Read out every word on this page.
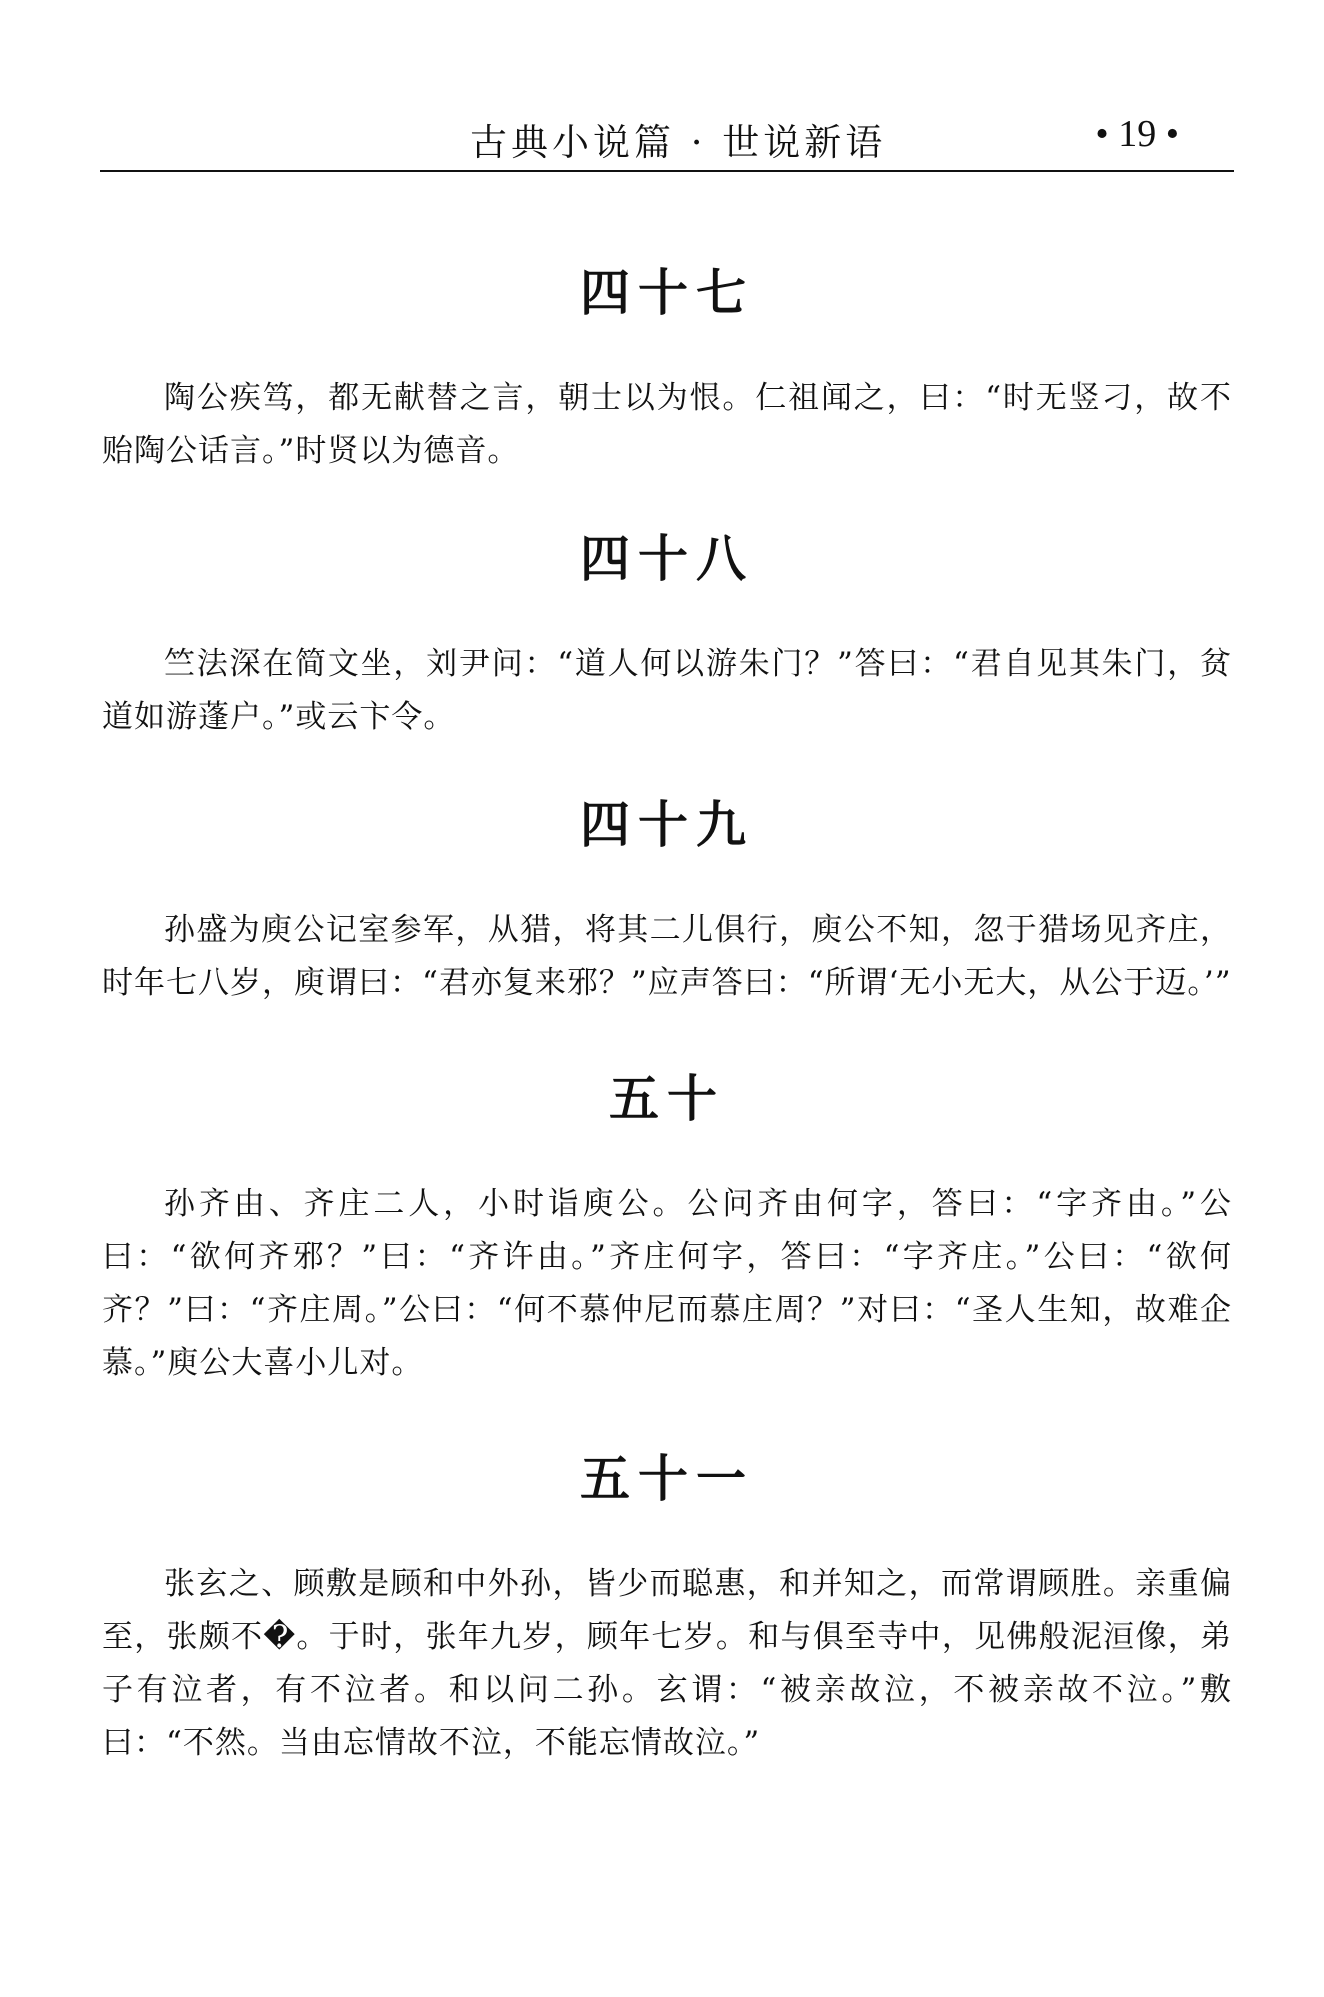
古典小说篇 · 世说新语	• 19 •
四十七

陶公疾笃，都无献替之言，朝士以为恨。仁祖闻之，曰：“时无竖刁，故不贻陶公话言。”时贤以为德音。

四十八

竺法深在简文坐，刘尹问：“道人何以游朱门？”答曰：“君自见其朱门，贫道如游蓬户。”或云卞令。

四十九

孙盛为庾公记室参军，从猎，将其二儿俱行，庾公不知，忽于猎场见齐庄，时年七八岁，庾谓曰：“君亦复来邪？”应声答曰：“所谓‘无小无大，从公于迈。’”

五十

孙齐由、齐庄二人，小时诣庾公。公问齐由何字，答曰：“字齐由。”公曰：“欲何齐邪？”曰：“齐许由。”齐庄何字，答曰：“字齐庄。”公曰：“欲何齐？”曰：“齐庄周。”公曰：“何不慕仲尼而慕庄周？”对曰：“圣人生知，故难企慕。”庾公大喜小儿对。

五十一

张玄之、顾敷是顾和中外孙，皆少而聪惠，和并知之，而常谓顾胜。亲重偏至，张颇不�。于时，张年九岁，顾年七岁。和与俱至寺中，见佛般泥洹像，弟子有泣者，有不泣者。和以问二孙。玄谓：“被亲故泣，不被亲故不泣。”敷曰：“不然。当由忘情故不泣，不能忘情故泣。”
